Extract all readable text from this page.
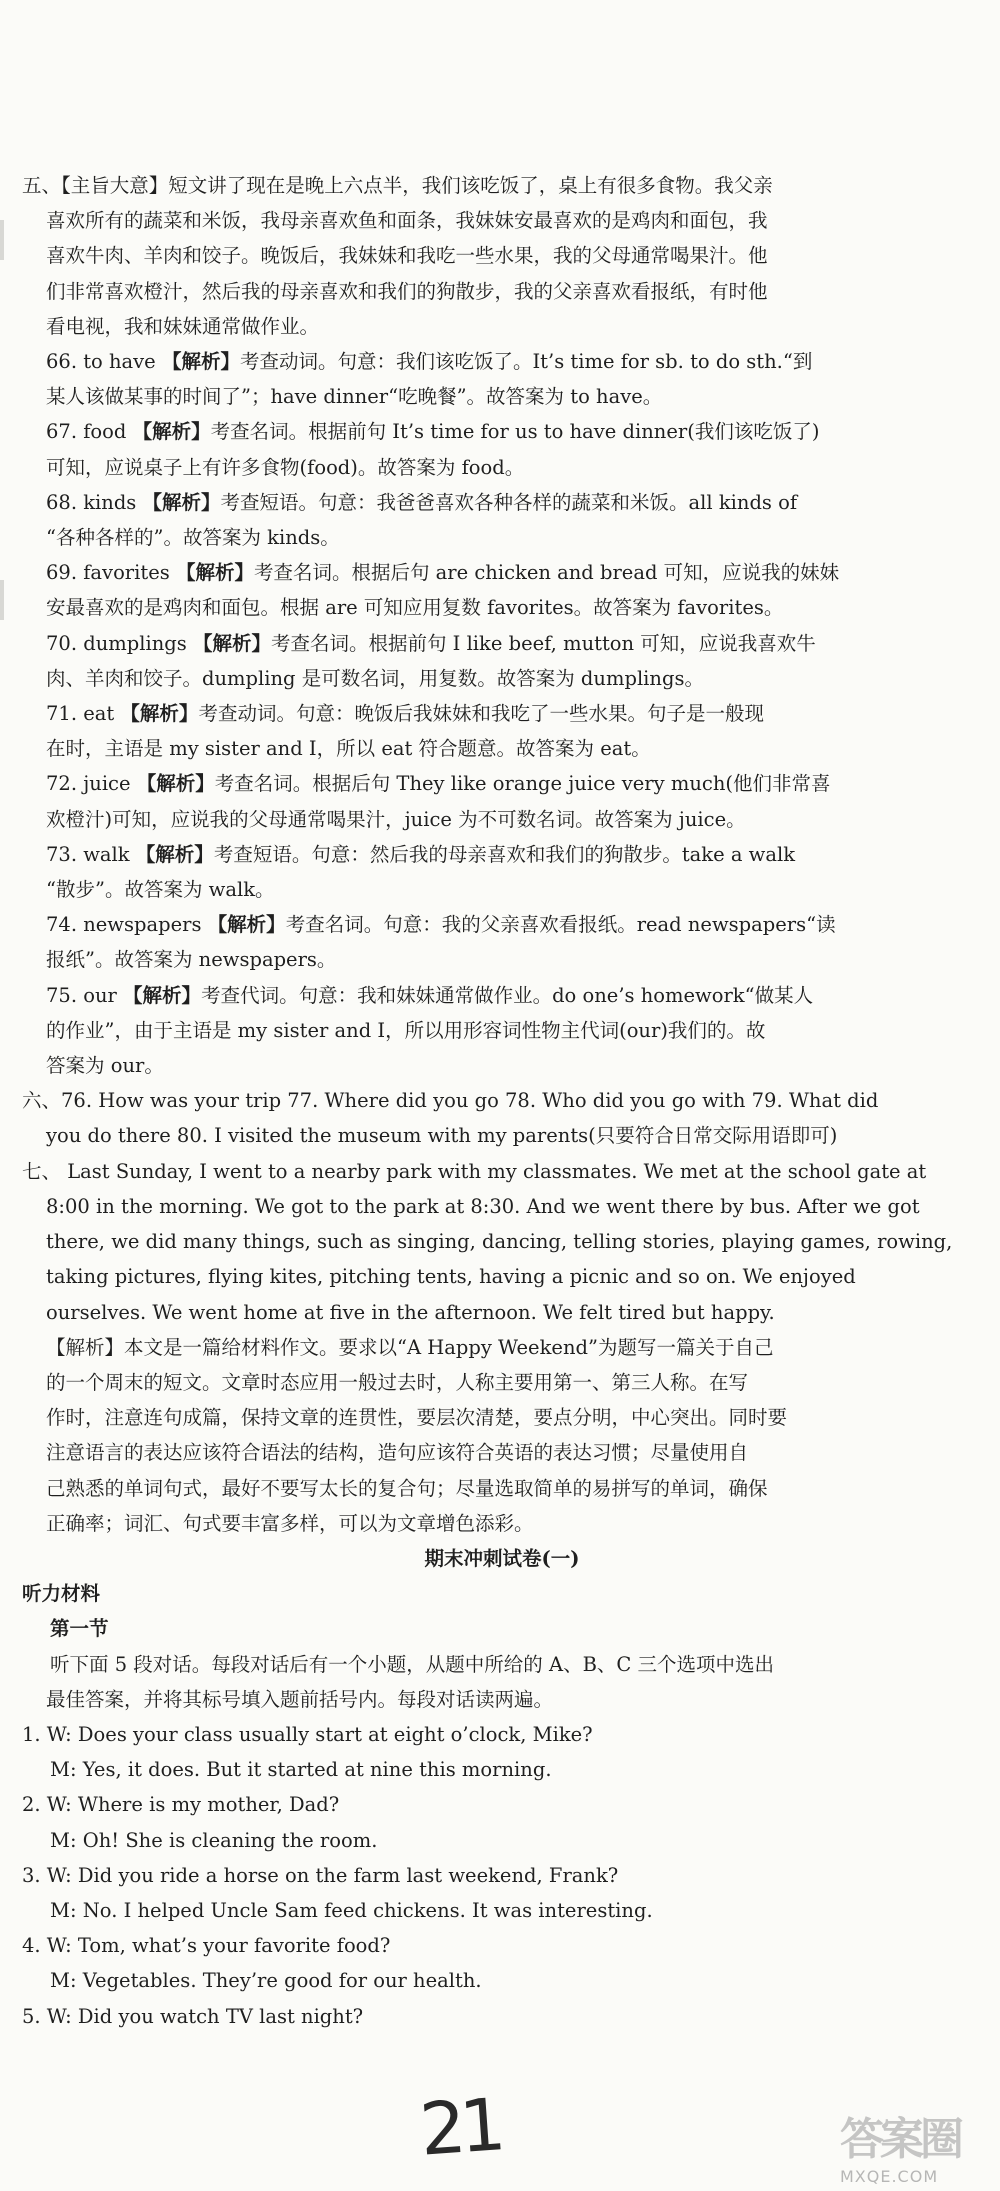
五、【主旨大意】短文讲了现在是晚上六点半，我们该吃饭了，桌上有很多食物。我父亲

喜欢所有的蔬菜和米饭，我母亲喜欢鱼和面条，我妹妹安最喜欢的是鸡肉和面包，我

喜欢牛肉、羊肉和饺子。晚饭后，我妹妹和我吃一些水果，我的父母通常喝果汁。他

们非常喜欢橙汁，然后我的母亲喜欢和我们的狗散步，我的父亲喜欢看报纸，有时他

看电视，我和妹妹通常做作业。

66. to have 【解析】考查动词。句意：我们该吃饭了。It’s time for sb. to do sth.“到

某人该做某事的时间了”；have dinner“吃晚餐”。故答案为 to have。

67. food 【解析】考查名词。根据前句 It’s time for us to have dinner(我们该吃饭了)

可知，应说桌子上有许多食物(food)。故答案为 food。

68. kinds 【解析】考查短语。句意：我爸爸喜欢各种各样的蔬菜和米饭。all kinds of

“各种各样的”。故答案为 kinds。

69. favorites 【解析】考查名词。根据后句 are chicken and bread 可知，应说我的妹妹

安最喜欢的是鸡肉和面包。根据 are 可知应用复数 favorites。故答案为 favorites。

70. dumplings 【解析】考查名词。根据前句 I like beef, mutton 可知，应说我喜欢牛

肉、羊肉和饺子。dumpling 是可数名词，用复数。故答案为 dumplings。

71. eat 【解析】考查动词。句意：晚饭后我妹妹和我吃了一些水果。句子是一般现

在时，主语是 my sister and I，所以 eat 符合题意。故答案为 eat。

72. juice 【解析】考查名词。根据后句 They like orange juice very much(他们非常喜

欢橙汁)可知，应说我的父母通常喝果汁，juice 为不可数名词。故答案为 juice。

73. walk 【解析】考查短语。句意：然后我的母亲喜欢和我们的狗散步。take a walk

“散步”。故答案为 walk。

74. newspapers 【解析】考查名词。句意：我的父亲喜欢看报纸。read newspapers“读

报纸”。故答案为 newspapers。

75. our 【解析】考查代词。句意：我和妹妹通常做作业。do one’s homework“做某人

的作业”，由于主语是 my sister and I，所以用形容词性物主代词(our)我们的。故

答案为 our。

六、76. How was your trip 77. Where did you go 78. Who did you go with 79. What did

you do there 80. I visited the museum with my parents(只要符合日常交际用语即可)

七、 Last Sunday, I went to a nearby park with my classmates. We met at the school gate at

8:00 in the morning. We got to the park at 8:30. And we went there by bus. After we got

there, we did many things, such as singing, dancing, telling stories, playing games, rowing,

taking pictures, flying kites, pitching tents, having a picnic and so on. We enjoyed

ourselves. We went home at five in the afternoon. We felt tired but happy.

【解析】本文是一篇给材料作文。要求以“A Happy Weekend”为题写一篇关于自己

的一个周末的短文。文章时态应用一般过去时，人称主要用第一、第三人称。在写

作时，注意连句成篇，保持文章的连贯性，要层次清楚，要点分明，中心突出。同时要

注意语言的表达应该符合语法的结构，造句应该符合英语的表达习惯；尽量使用自

己熟悉的单词句式，最好不要写太长的复合句；尽量选取简单的易拼写的单词，确保

正确率；词汇、句式要丰富多样，可以为文章增色添彩。

期末冲刺试卷(一)

听力材料

第一节

听下面 5 段对话。每段对话后有一个小题，从题中所给的 A、B、C 三个选项中选出

最佳答案，并将其标号填入题前括号内。每段对话读两遍。

1. W: Does your class usually start at eight o’clock, Mike?

M: Yes, it does. But it started at nine this morning.

2. W: Where is my mother, Dad?

M: Oh! She is cleaning the room.

3. W: Did you ride a horse on the farm last weekend, Frank?

M: No. I helped Uncle Sam feed chickens. It was interesting.

4. W: Tom, what’s your favorite food?

M: Vegetables. They’re good for our health.

5. W: Did you watch TV last night?

21	答案圈
MXQE.COM
